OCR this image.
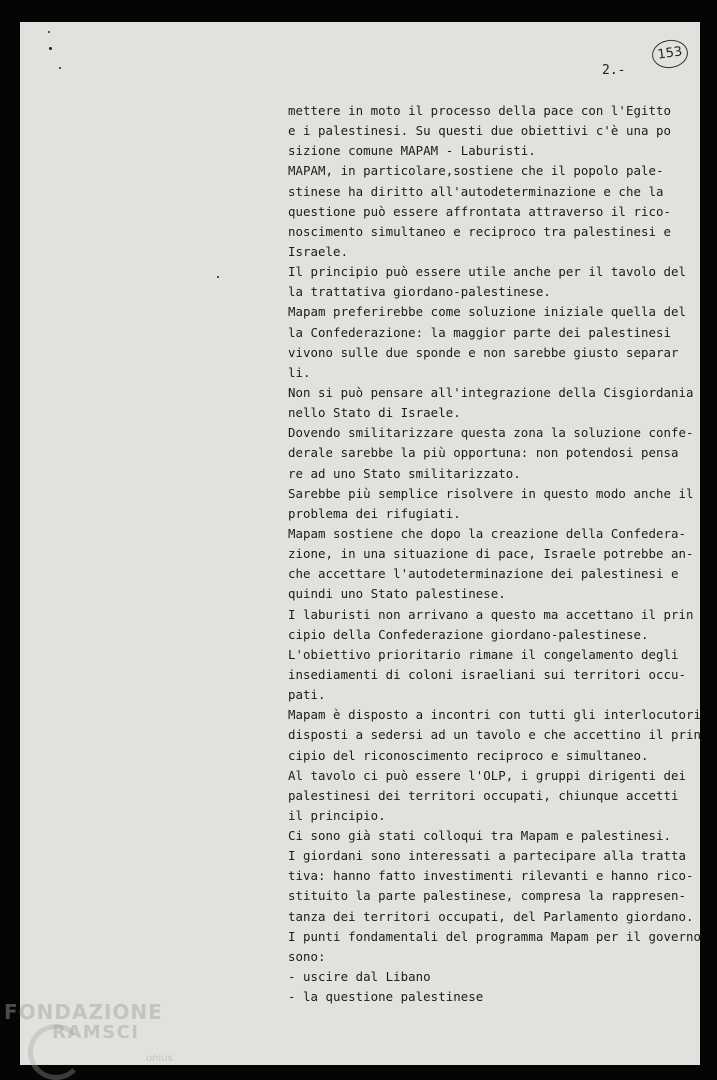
153
2.-
mettere in moto il processo della pace con l'Egitto
e i palestinesi. Su questi due obiettivi c'è una po
sizione comune MAPAM - Laburisti.
MAPAM, in particolare,sostiene che il popolo pale-
stinese ha diritto all'autodeterminazione e che la
questione può essere affrontata attraverso il rico-
noscimento simultaneo e reciproco tra palestinesi e
Israele.
Il principio può essere utile anche per il tavolo del
la trattativa giordano-palestinese.
Mapam preferirebbe come soluzione iniziale quella del
la Confederazione: la maggior parte dei palestinesi
vivono sulle due sponde e non sarebbe giusto separar
li.
Non si può pensare all'integrazione della Cisgiordania
nello Stato di Israele.
Dovendo smilitarizzare questa zona la soluzione confe-
derale sarebbe la più opportuna: non potendosi pensa
re ad uno Stato smilitarizzato.
Sarebbe più semplice risolvere in questo modo anche il
problema dei rifugiati.
Mapam sostiene che dopo la creazione della Confedera-
zione, in una situazione di pace, Israele potrebbe an-
che accettare l'autodeterminazione dei palestinesi e
quindi uno Stato palestinese.
I laburisti non arrivano a questo ma accettano il prin
cipio della Confederazione giordano-palestinese.
L'obiettivo prioritario rimane il congelamento degli
insediamenti di coloni israeliani sui territori occu-
pati.
Mapam è disposto a incontri con tutti gli interlocutori
disposti a sedersi ad un tavolo e che accettino il prin
cipio del riconoscimento reciproco e simultaneo.
Al tavolo ci può essere l'OLP, i gruppi dirigenti dei
palestinesi dei territori occupati, chiunque accetti
il principio.
Ci sono già stati colloqui tra Mapam e palestinesi.
I giordani sono interessati a partecipare alla tratta
tiva: hanno fatto investimenti rilevanti e hanno rico-
stituito la parte palestinese, compresa la rappresen-
tanza dei territori occupati, del Parlamento giordano.
I punti fondamentali del programma Mapam per il governo
sono:
- uscire dal Libano
- la questione palestinese
FONDAZIONE
RAMSCI
onlus
